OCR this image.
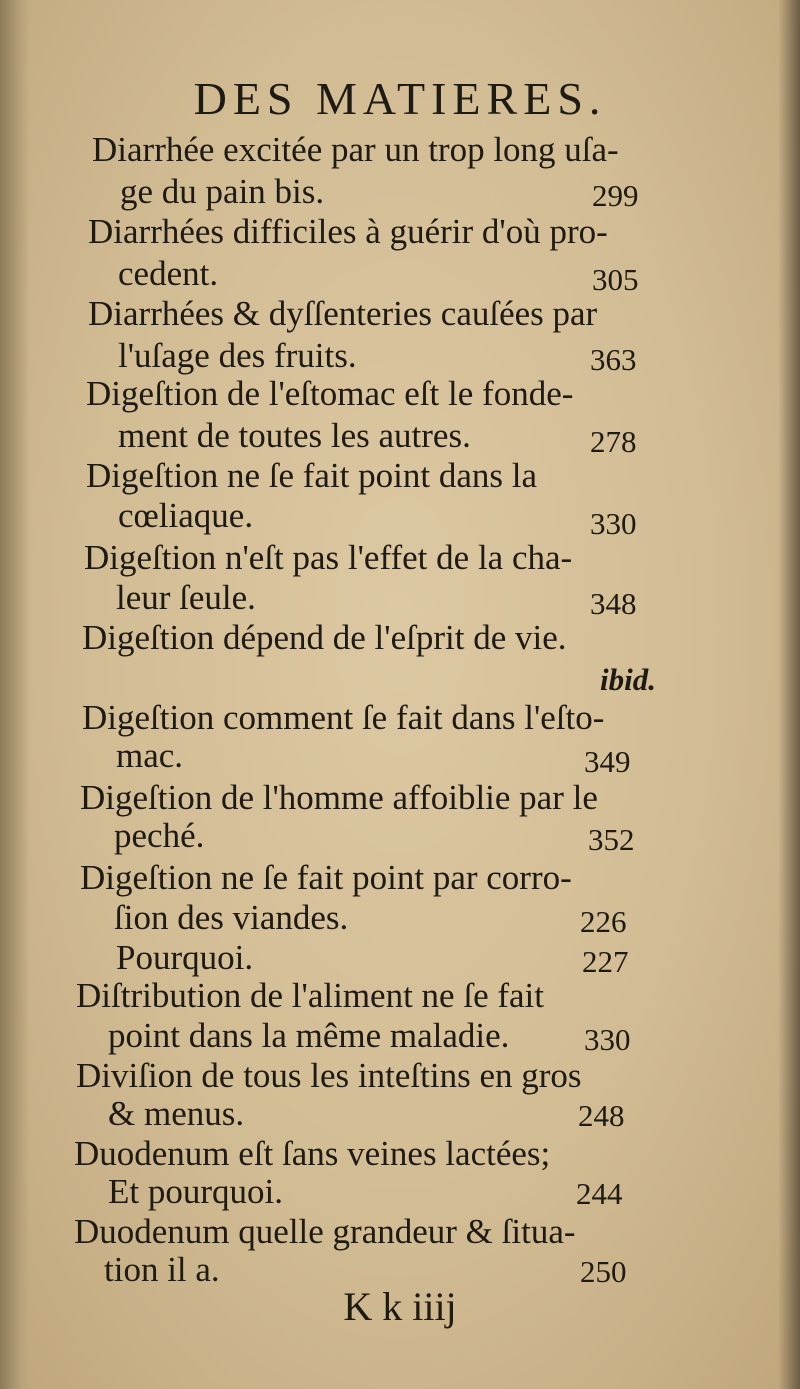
DES MATIERES.
Diarrhée excitée par un trop long uſa-
ge du pain bis.	299
Diarrhées difficiles à guérir d'où pro-
cedent.	305
Diarrhées & dyſſenteries cauſées par
l'uſage des fruits.	363
Digeſtion de l'eſtomac eſt le fonde-
ment de toutes les autres.	278
Digeſtion ne ſe fait point dans la
cœliaque.	330
Digeſtion n'eſt pas l'effet de la cha-
leur ſeule.	348
Digeſtion dépend de l'eſprit de vie.
ibid.
Digeſtion comment ſe fait dans l'eſto-
mac.	349
Digeſtion de l'homme affoiblie par le
peché.	352
Digeſtion ne ſe fait point par corro-
ſion des viandes.	226
Pourquoi.	227
Diſtribution de l'aliment ne ſe fait
point dans la même maladie. 330
Diviſion de tous les inteſtins en gros
& menus.	248
Duodenum eſt ſans veines lactées;
Et pourquoi.	244
Duodenum quelle grandeur & ſitua-
tion il a.	250
K k iiij
